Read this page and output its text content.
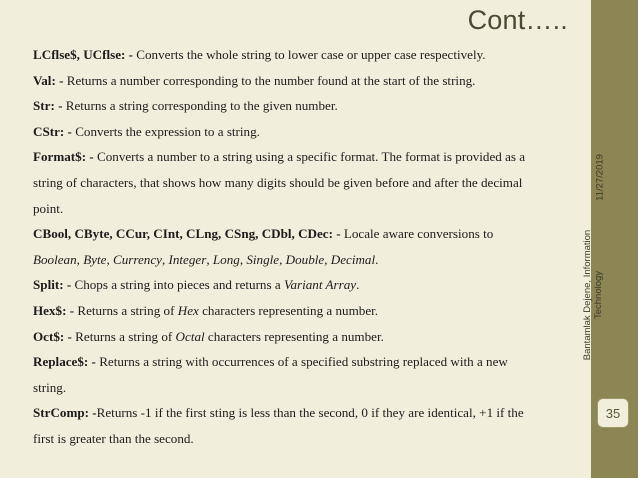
Cont…..

LCflse$, UCflse: - Converts the whole string to lower case or upper case respectively.

Val: - Returns a number corresponding to the number found at the start of the string.

Str: - Returns a string corresponding to the given number.

CStr: - Converts the expression to a string.

Format$: - Converts a number to a string using a specific format. The format is provided as a
string of characters, that shows how many digits should be given before and after the decimal
point.

CBool, CByte, CCur, CInt, CLng, CSng, CDbl, CDec: - Locale aware conversions to
Boolean, Byte, Currency, Integer, Long, Single, Double, Decimal.

Split: - Chops a string into pieces and returns a Variant Array.

Hex$: - Returns a string of Hex characters representing a number.

Oct$: - Returns a string of Octal characters representing a number.

Replace$: - Returns a string with occurrences of a specified substring replaced with a new
string.

StrComp: -Returns -1 if the first sting is less than the second, 0 if they are identical, +1 if the
first is greater than the second.

11/27/2019
Bantamlak Dejene, Information Technology
35
